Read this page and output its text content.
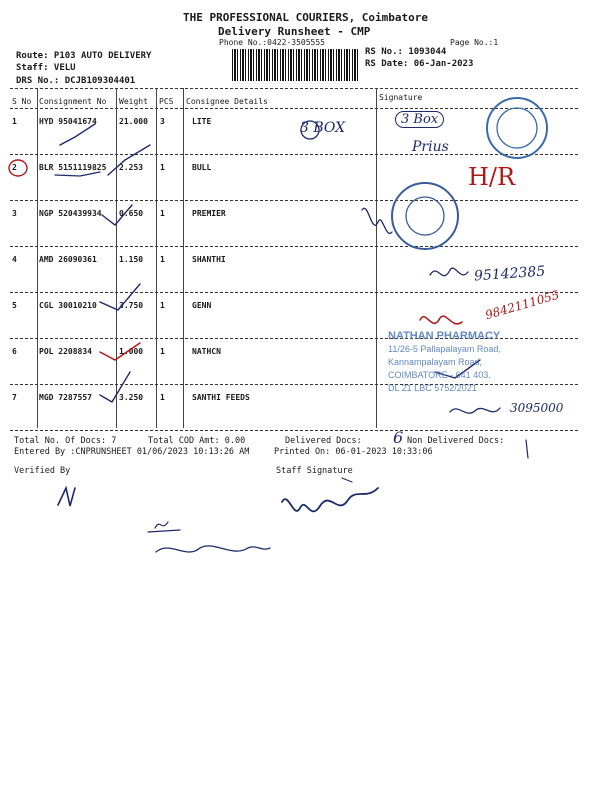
THE PROFESSIONAL COURIERS, Coimbatore
Delivery Runsheet - CMP
Phone No.:0422-3505555	Page No.:1
Route: P103 AUTO DELIVERY
Staff: VELU
DRS No.: DCJB109304401
RS No.: 1093044
RS Date: 06-Jan-2023
S No Consignment No Weight PCS Consignee Details	Signature
1	HYD 95041674	21.000 3	LITE
2	BLR 5151119825 2.253 1	BULL
3	NGP 520439934 0.650 1	PREMIER
4	AMD 26090361	1.150 1	SHANTHI
5	CGL 30010210	3.750 1	GENN
6	POL 2208834	1.000 1	NATHCN
7	MGD 7287557	3.250 1	SANTHI FEEDS
Total No. Of Docs: 7	Total COD Amt: 0.00	Delivered Docs:	Non Delivered Docs:
Entered By :CNPRUNSHEET 01/06/2023 10:13:26 AM	Printed On: 06-01-2023 10:33:06
Verified By	Staff Signature
3 BOX
3 Box
Prius
H/R
95142385
9842111055
3095000
6
NATHAN PHARMACY
11/26-5 Pallapalayam Road,
Kannampalayam Road,
COIMBATORE - 641 403.
DL 21 LBC 5752/2021
